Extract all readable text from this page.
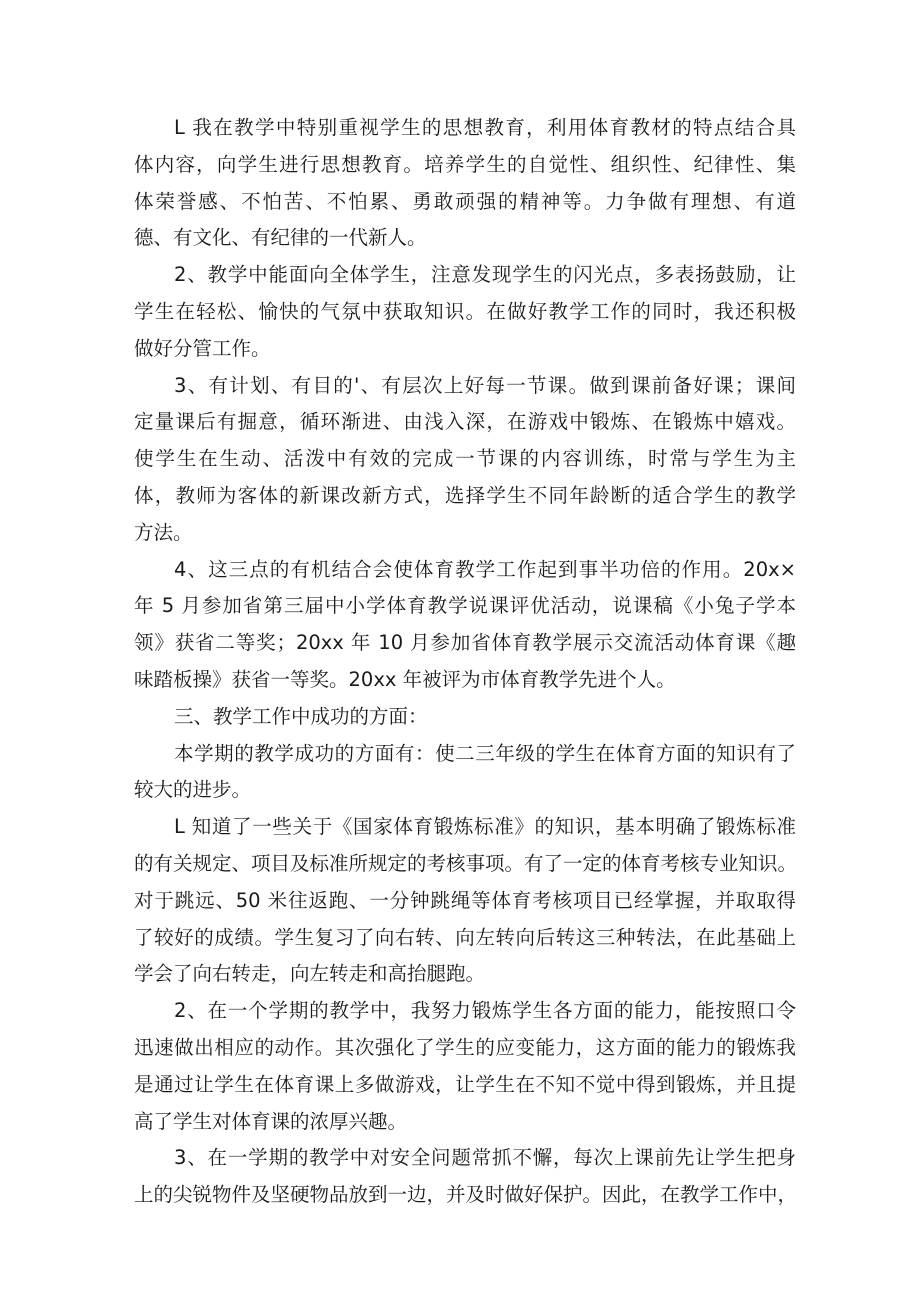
L 我在教学中特别重视学生的思想教育，利用体育教材的特点结合具
体内容，向学生进行思想教育。培养学生的自觉性、组织性、纪律性、集
体荣誉感、不怕苦、不怕累、勇敢顽强的精神等。力争做有理想、有道
德、有文化、有纪律的一代新人。
2、教学中能面向全体学生，注意发现学生的闪光点，多表扬鼓励，让
学生在轻松、愉快的气氛中获取知识。在做好教学工作的同时，我还积极
做好分管工作。
3、有计划、有目的'、有层次上好每一节课。做到课前备好课；课间
定量课后有掘意，循环渐进、由浅入深，在游戏中锻炼、在锻炼中嬉戏。
使学生在生动、活泼中有效的完成一节课的内容训练，时常与学生为主
体，教师为客体的新课改新方式，选择学生不同年龄断的适合学生的教学
方法。
4、这三点的有机结合会使体育教学工作起到事半功倍的作用。20x×
年 5 月参加省第三届中小学体育教学说课评优活动，说课稿《小兔子学本
领》获省二等奖；20xx 年 10 月参加省体育教学展示交流活动体育课《趣
味踏板操》获省一等奖。20xx 年被评为市体育教学先进个人。
三、教学工作中成功的方面：
本学期的教学成功的方面有：使二三年级的学生在体育方面的知识有了
较大的进步。
L 知道了一些关于《国家体育锻炼标准》的知识，基本明确了锻炼标准
的有关规定、项目及标准所规定的考核事项。有了一定的体育考核专业知识。
对于跳远、50 米往返跑、一分钟跳绳等体育考核项目已经掌握，并取取得
了较好的成绩。学生复习了向右转、向左转向后转这三种转法，在此基础上
学会了向右转走，向左转走和高抬腿跑。
2、在一个学期的教学中，我努力锻炼学生各方面的能力，能按照口令
迅速做出相应的动作。其次强化了学生的应变能力，这方面的能力的锻炼我
是通过让学生在体育课上多做游戏，让学生在不知不觉中得到锻炼，并且提
高了学生对体育课的浓厚兴趣。
3、在一学期的教学中对安全问题常抓不懈，每次上课前先让学生把身
上的尖锐物件及坚硬物品放到一边，并及时做好保护。因此，在教学工作中，
